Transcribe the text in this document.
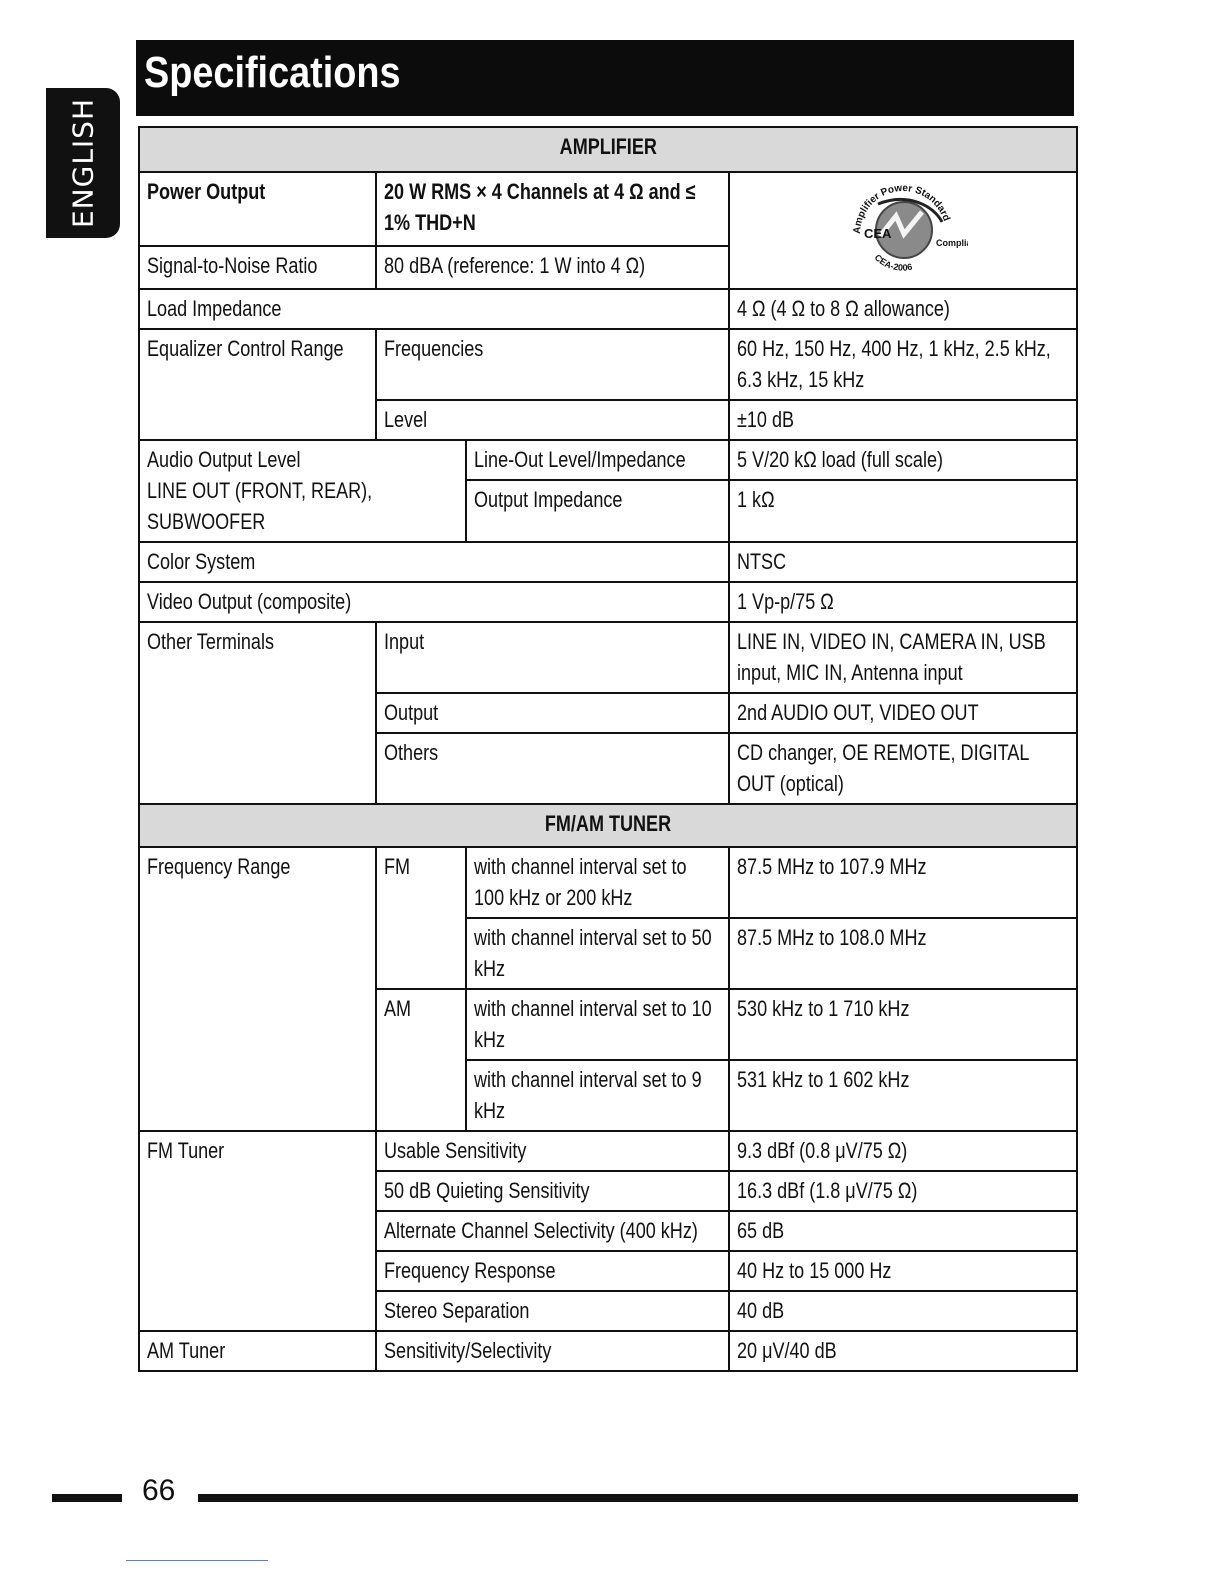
ENGLISH
Specifications
AMPLIFIER			
Power Output	20 W RMS × 4 Channels at 4 Ω and ≤ 1% THD+N		Amplifier Power Standard
CEA
Compli
CEA-2006

Signal-to-Noise Ratio	80 dBA (reference: 1 W into 4 Ω)		
Load Impedance			4 Ω (4 Ω to 8 Ω allowance)
Equalizer Control Range	Frequencies		60 Hz, 150 Hz, 400 Hz, 1 kHz, 2.5 kHz, 6.3 kHz, 15 kHz

	Level		±10 dB
Audio Output Level

LINE OUT (FRONT, REAR), SUBWOOFER		Line-Out Level/Impedance	5 V/20 kΩ load (full scale)
		Output Impedance	1 kΩ
Color System			NTSC
Video Output (composite)			1 Vp-p/75 Ω
Other Terminals	Input		LINE IN, VIDEO IN, CAMERA IN, USB input, MIC IN, Antenna input

	Output		2nd AUDIO OUT, VIDEO OUT
	Others		CD changer, OE REMOTE, DIGITAL OUT (optical)

FM/AM TUNER			
Frequency Range	FM	with channel interval set to 100 kHz or 200 kHz	87.5 MHz to 107.9 MHz

		with channel interval set to 50 kHz	87.5 MHz to 108.0 MHz
	AM	with channel interval set to 10 kHz	530 kHz to 1 710 kHz

		with channel interval set to 9 kHz	531 kHz to 1 602 kHz
FM Tuner	Usable Sensitivity		9.3 dBf (0.8 μV/75 Ω)
	50 dB Quieting Sensitivity		16.3 dBf (1.8 μV/75 Ω)
	Alternate Channel Selectivity (400 kHz)		65 dB
	Frequency Response		40 Hz to 15 000 Hz
	Stereo Separation		40 dB
AM Tuner	Sensitivity/Selectivity		20 μV/40 dB
66
